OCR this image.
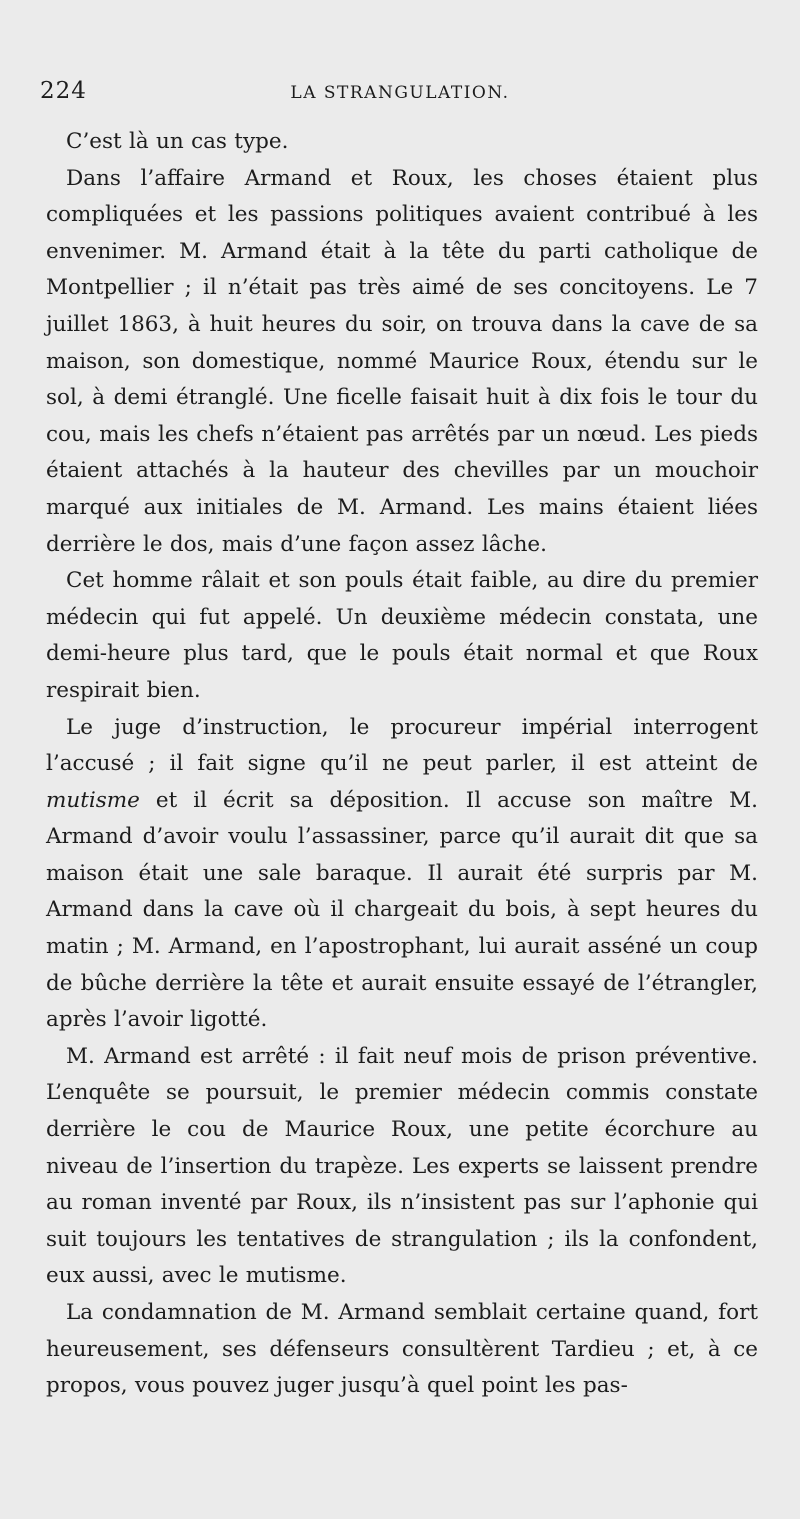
224	LA STRANGULATION.

C’est là un cas type.

Dans l’affaire Armand et Roux, les choses étaient plus compliquées et les passions politiques avaient contribué à les envenimer. M. Armand était à la tête du parti catholique de Montpellier ; il n’était pas très aimé de ses concitoyens. Le 7 juillet 1863, à huit heures du soir, on trouva dans la cave de sa maison, son domestique, nommé Maurice Roux, étendu sur le sol, à demi étranglé. Une ficelle faisait huit à dix fois le tour du cou, mais les chefs n’étaient pas arrêtés par un nœud. Les pieds étaient attachés à la hauteur des chevilles par un mouchoir marqué aux initiales de M. Armand. Les mains étaient liées derrière le dos, mais d’une façon assez lâche.

Cet homme râlait et son pouls était faible, au dire du premier médecin qui fut appelé. Un deuxième médecin constata, une demi-heure plus tard, que le pouls était normal et que Roux respirait bien.

Le juge d’instruction, le procureur impérial interrogent l’accusé ; il fait signe qu’il ne peut parler, il est atteint de mutisme et il écrit sa déposition. Il accuse son maître M. Armand d’avoir voulu l’assassiner, parce qu’il aurait dit que sa maison était une sale baraque. Il aurait été surpris par M. Armand dans la cave où il chargeait du bois, à sept heures du matin ; M. Armand, en l’apostrophant, lui aurait asséné un coup de bûche derrière la tête et aurait ensuite essayé de l’étrangler, après l’avoir ligotté.

M. Armand est arrêté : il fait neuf mois de prison préventive. L’enquête se poursuit, le premier médecin commis constate derrière le cou de Maurice Roux, une petite écorchure au niveau de l’insertion du trapèze. Les experts se laissent prendre au roman inventé par Roux, ils n’insistent pas sur l’aphonie qui suit toujours les tentatives de strangulation ; ils la confondent, eux aussi, avec le mutisme.

La condamnation de M. Armand semblait certaine quand, fort heureusement, ses défenseurs consultèrent Tardieu ; et, à ce propos, vous pouvez juger jusqu’à quel point les pas-
